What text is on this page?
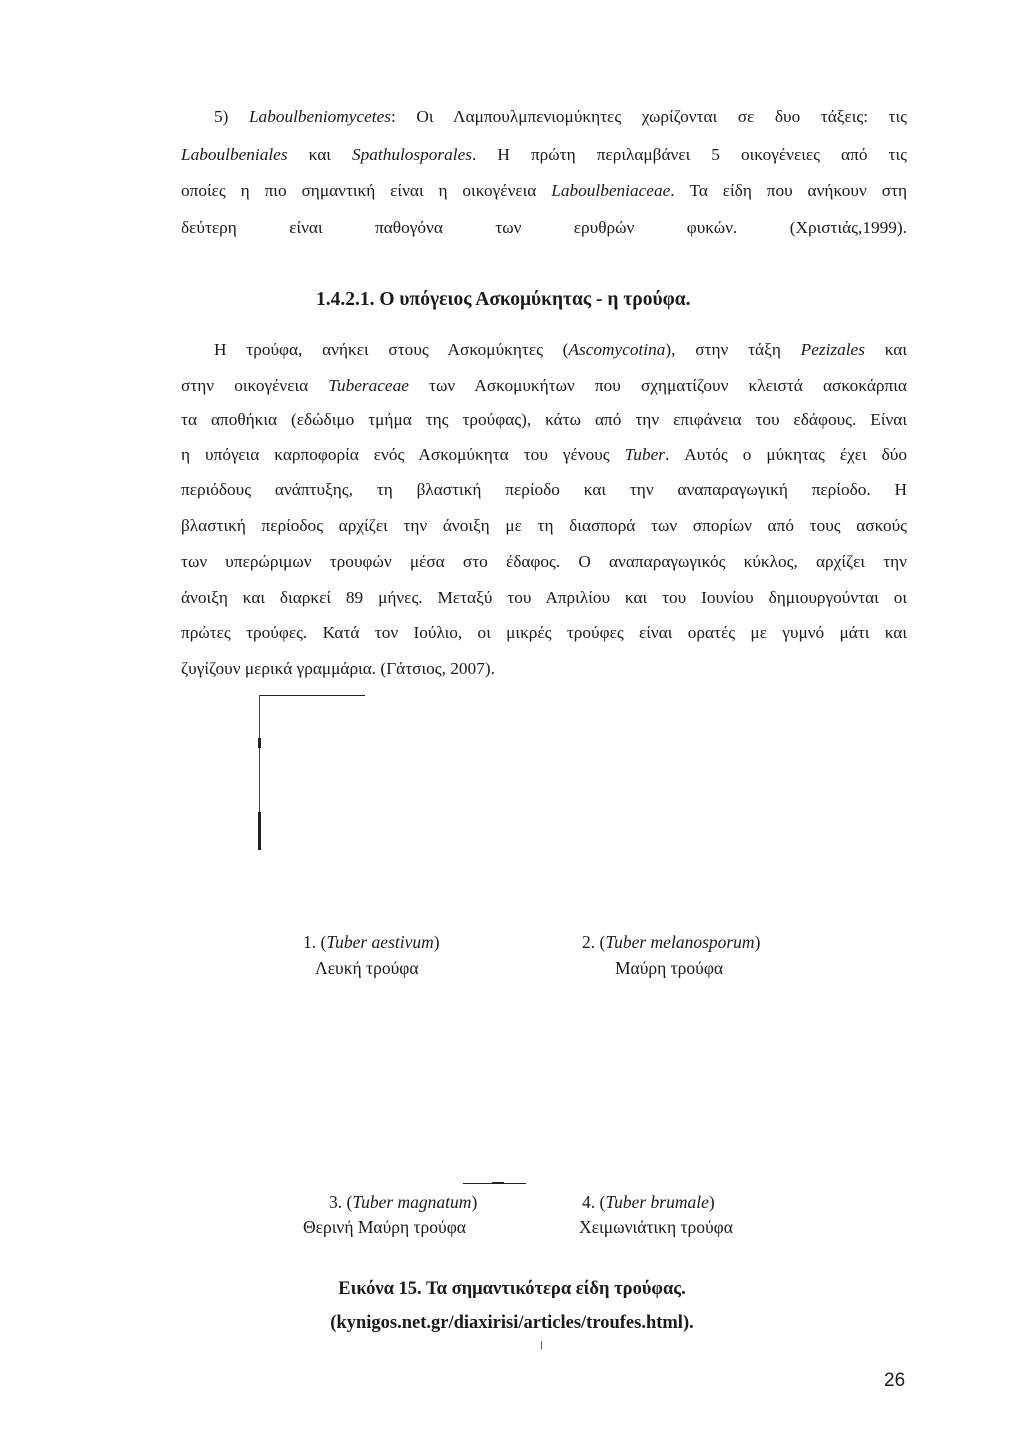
5) Laboulbeniomycetes: Οι Λαμπουλμπενιομύκητες χωρίζονται σε δυο τάξεις: τις
Laboulbeniales και Spathulosporales. Η πρώτη περιλαμβάνει 5 οικογένειες από τις
οποίες η πιο σημαντική είναι η οικογένεια Laboulbeniaceae. Τα είδη που ανήκουν στη
δεύτερη είναι παθογόνα των ερυθρών φυκών. (Χριστιάς,1999).
1.4.2.1. Ο υπόγειος Ασκομύκητας - η τρούφα.
Η τρούφα, ανήκει στους Ασκομύκητες (Ascomycotina), στην τάξη Pezizales και
στην οικογένεια Tuberaceae των Ασκομυκήτων που σχηματίζουν κλειστά ασκοκάρπια
τα αποθήκια (εδώδιμο τμήμα της τρούφας), κάτω από την επιφάνεια του εδάφους. Είναι
η υπόγεια καρποφορία ενός Ασκομύκητα του γένους Tuber. Αυτός ο μύκητας έχει δύο
περιόδους ανάπτυξης, τη βλαστική περίοδο και την αναπαραγωγική περίοδο. Η
βλαστική περίοδος αρχίζει την άνοιξη με τη διασπορά των σπορίων από τους ασκούς
των υπερώριμων τρουφών μέσα στο έδαφος. Ο αναπαραγωγικός κύκλος, αρχίζει την
άνοιξη και διαρκεί 89 μήνες. Μεταξύ του Απριλίου και του Ιουνίου δημιουργούνται οι
πρώτες τρούφες. Κατά τον Ιούλιο, οι μικρές τρούφες είναι ορατές με γυμνό μάτι και
ζυγίζουν μερικά γραμμάρια. (Γάτσιος, 2007).
1. (Tuber aestivum)
Λευκή τρούφα
2. (Tuber melanosporum)
Μαύρη τρούφα
3. (Tuber magnatum)
Θερινή Μαύρη τρούφα
4. (Tuber brumale)
Χειμωνιάτικη τρούφα
Εικόνα 15. Τα σημαντικότερα είδη τρούφας.
(kynigos.net.gr/diaxirisi/articles/troufes.html).
26
